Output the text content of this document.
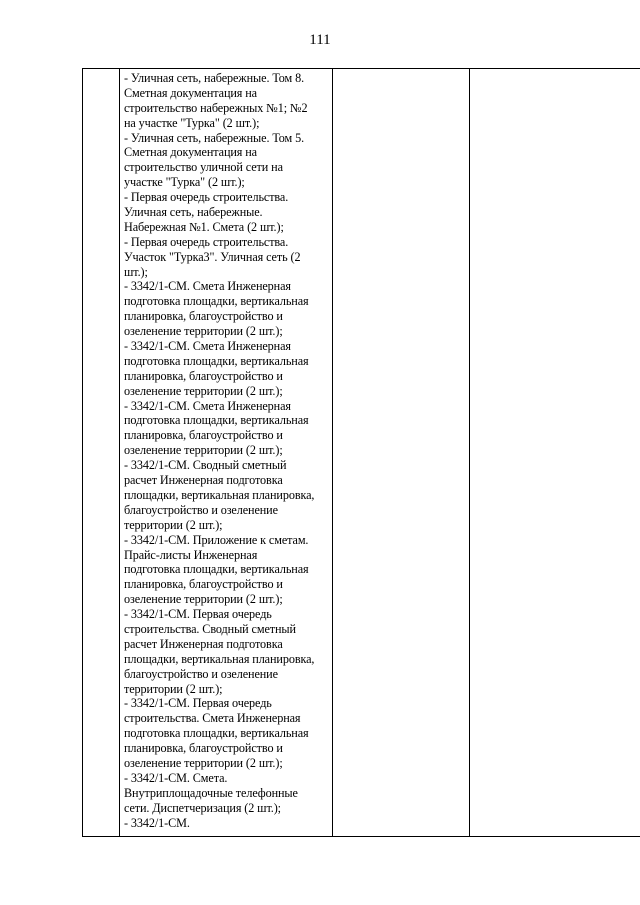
111

- Уличная сеть, набережные. Том 8.
Сметная документация на
строительство набережных №1; №2
на участке "Турка" (2 шт.);
- Уличная сеть, набережные. Том 5.
Сметная документация на
строительство уличной сети на
участке "Турка" (2 шт.);
- Первая очередь строительства.
Уличная сеть, набережные.
Набережная №1. Смета (2 шт.);
- Первая очередь строительства.
Участок "Турка3". Уличная сеть (2
шт.);
- 3342/1-СМ. Смета Инженерная
подготовка площадки, вертикальная
планировка, благоустройство и
озеленение территории (2 шт.);
- 3342/1-СМ. Смета Инженерная
подготовка площадки, вертикальная
планировка, благоустройство и
озеленение территории (2 шт.);
- 3342/1-СМ. Смета Инженерная
подготовка площадки, вертикальная
планировка, благоустройство и
озеленение территории (2 шт.);
- 3342/1-СМ. Сводный сметный
расчет Инженерная подготовка
площадки, вертикальная планировка,
благоустройство и озеленение
территории (2 шт.);
- 3342/1-СМ. Приложение к сметам.
Прайс-листы Инженерная
подготовка площадки, вертикальная
планировка, благоустройство и
озеленение территории (2 шт.);
- 3342/1-СМ. Первая очередь
строительства. Сводный сметный
расчет Инженерная подготовка
площадки, вертикальная планировка,
благоустройство и озеленение
территории (2 шт.);
- 3342/1-СМ. Первая очередь
строительства. Смета Инженерная
подготовка площадки, вертикальная
планировка, благоустройство и
озеленение территории (2 шт.);
- 3342/1-СМ. Смета.
Внутриплощадочные телефонные
сети. Диспетчеризация (2 шт.);
- 3342/1-СМ.
